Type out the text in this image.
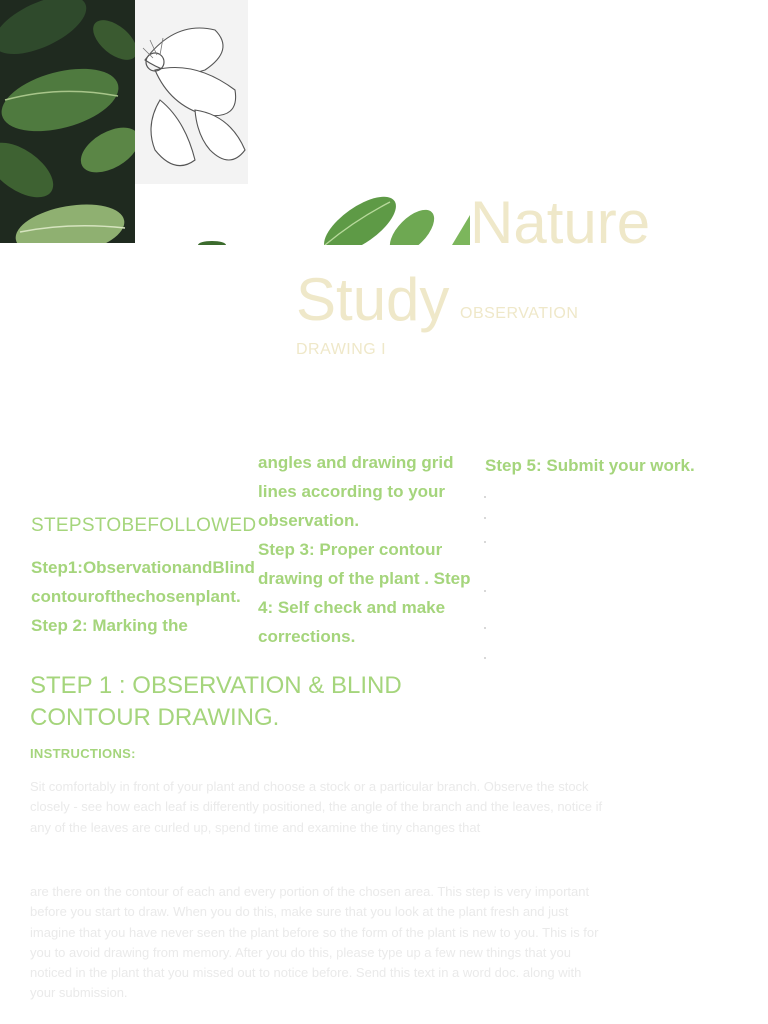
Nature
Study OBSERVATION
DRAWING I
STEPSTOBEFOLLOWED
Step1:ObservationandBlindcontourofthechosenplant.
Step 2: Marking the
angles and drawing grid lines according to your observation.
Step 3: Proper contour drawing of the plant . Step 4: Self check and make corrections.
Step 5: Submit your work.
STEP 1 : OBSERVATION & BLIND CONTOUR DRAWING.
INSTRUCTIONS:
Sit comfortably in front of your plant and choose a stock or a particular branch. Observe the stock closely - see how each leaf is differently positioned, the angle of the branch and the leaves, notice if any of the leaves are curled up, spend time and examine the tiny changes that
are there on the contour of each and every portion of the chosen area. This step is very important before you start to draw. When you do this, make sure that you look at the plant fresh and just imagine that you have never seen the plant before so the form of the plant is new to you. This is for you to avoid drawing from memory. After you do this, please type up a few new things that you noticed in the plant that you missed out to notice before. Send this text in a word doc. along with your submission.
